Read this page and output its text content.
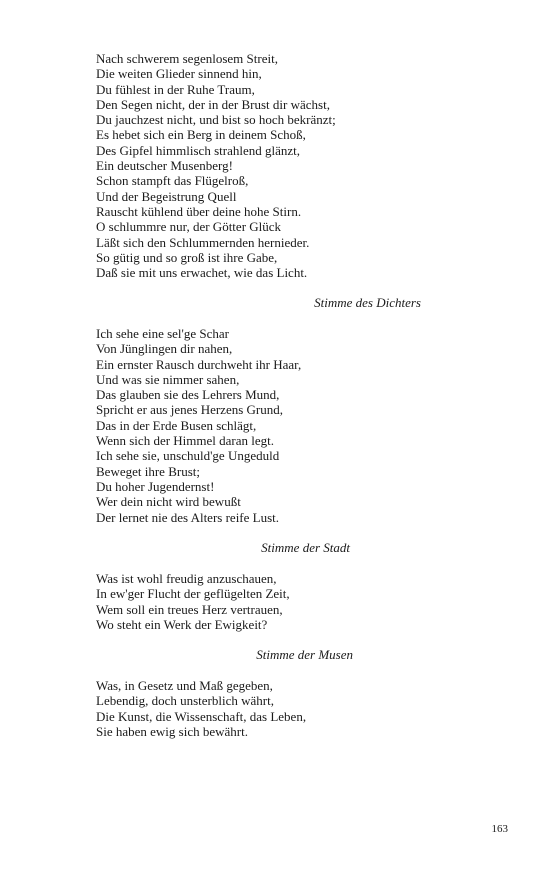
Nach schwerem segenlosem Streit,

Die weiten Glieder sinnend hin,

Du fühlest in der Ruhe Traum,

Den Segen nicht, der in der Brust dir wächst,

Du jauchzest nicht, und bist so hoch bekränzt;

Es hebet sich ein Berg in deinem Schoß,

Des Gipfel himmlisch strahlend glänzt,

Ein deutscher Musenberg!

Schon stampft das Flügelroß,

Und der Begeistrung Quell

Rauscht kühlend über deine hohe Stirn.

O schlummre nur, der Götter Glück

Läßt sich den Schlummernden hernieder.

So gütig und so groß ist ihre Gabe,

Daß sie mit uns erwachet, wie das Licht.

Stimme des Dichters

Ich sehe eine sel'ge Schar

Von Jünglingen dir nahen,

Ein ernster Rausch durchweht ihr Haar,

Und was sie nimmer sahen,

Das glauben sie des Lehrers Mund,

Spricht er aus jenes Herzens Grund,

Das in der Erde Busen schlägt,

Wenn sich der Himmel daran legt.

Ich sehe sie, unschuld'ge Ungeduld

Beweget ihre Brust;

Du hoher Jugendernst!

Wer dein nicht wird bewußt

Der lernet nie des Alters reife Lust.

Stimme der Stadt

Was ist wohl freudig anzuschauen,

In ew'ger Flucht der geflügelten Zeit,

Wem soll ein treues Herz vertrauen,

Wo steht ein Werk der Ewigkeit?

Stimme der Musen

Was, in Gesetz und Maß gegeben,

Lebendig, doch unsterblich währt,

Die Kunst, die Wissenschaft, das Leben,

Sie haben ewig sich bewährt.

163
